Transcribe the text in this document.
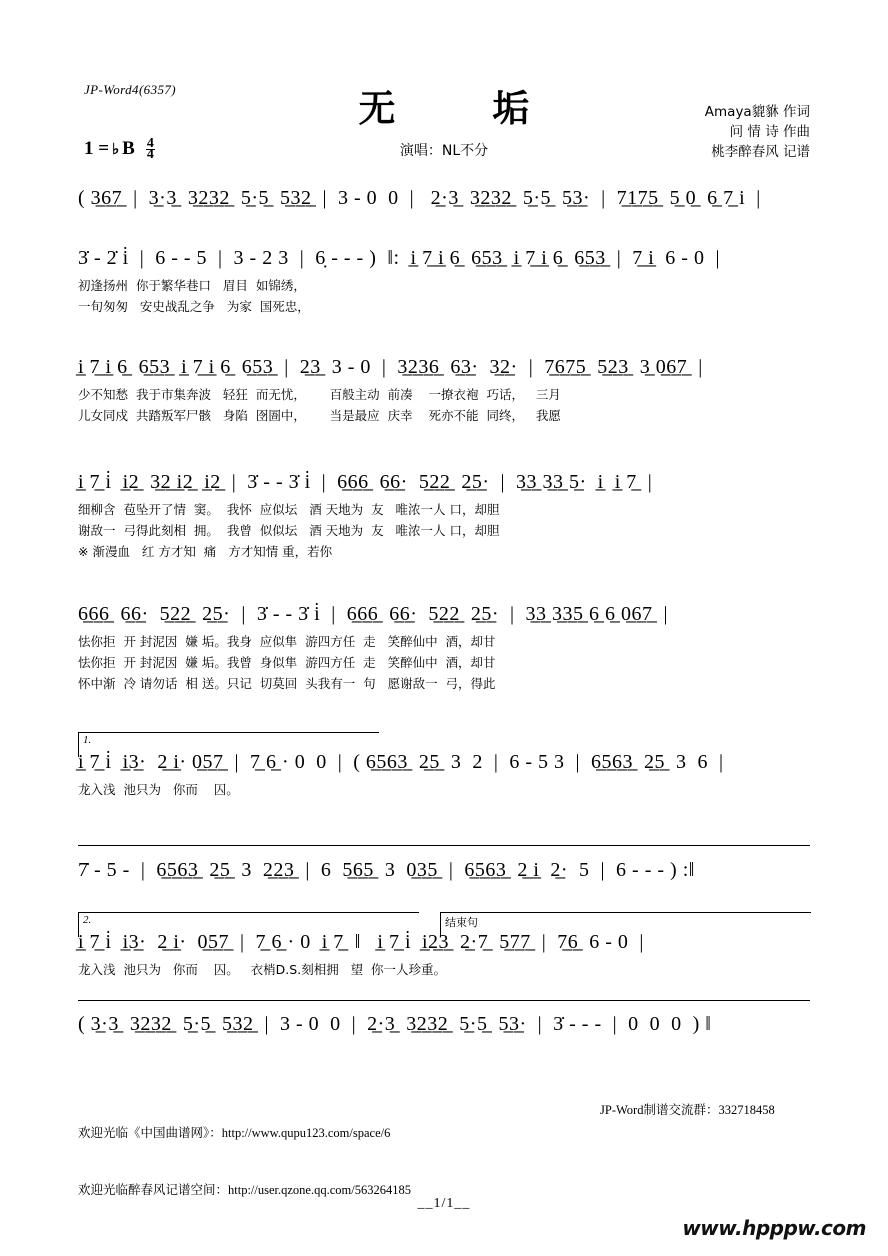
JP-Word4(6357)	无 垢
演唱：NL不分
Amaya貔貅 作词
问 情 诗 作曲
桃李醉春风 记谱
1 = ♭ B 4
4
( 3̲6̲7̲  |  3̲·3̲  3̲2̲3̲2̲  5̲·5̲  5̲3̲2̲  |  3 - 0  0  |   2̲·3̲  3̲2̲3̲2̲  5̲·5̲  5̲3̲·  |  7̲1̲7̲5̲  5̲ 0̲  6̲ 7̲ i  |
3̇ - 2̇ i̇  |  6 - - 5  |  3 - 2 3  |  6̣ - - - )  ‖:  i̲ 7̲ i̲ 6̲  6̲5̲3̲  i̲ 7̲ i̲ 6̲  6̲5̲3̲  |  7̲ i̲  6 - 0  |
初逢扬州  你于繁华巷口   眉目  如锦绣，
一旬匆匆   安史战乱之争   为家  国死忠，
i̲ 7̲ i̲ 6̲  6̲5̲3̲  i̲ 7̲ i̲ 6̲  6̲5̲3̲  |  2̲3̲  3 - 0  |  3̲2̲3̲6̲  6̲3̲·  3̲2̲·  |  7̲6̲7̲5̲  5̲2̲3̲  3̲ 0̲6̲7̲  |
少不知愁  我于市集奔波   轻狂  而无忧，      百般主动  前凑    一撩衣袍  巧话，   三月
儿女同戍  共踏叛军尸骸   身陷  囹圄中，      当是最应  庆幸    死亦不能  同终，   我愿
i̲ 7̲ i̇  i̲2̲  3̲2̲ i̲2̲  i̲2̲  |  3̇ - - 3̇ i̇  |  6̲6̲6̲  6̲6̲·  5̲2̲2̲  2̲5̲·  |  3̲3̲ 3̲3̲ 5̲·  i̲  i̲ 7̲  |
细柳含  苞坠开了情  窦。  我怀  应似坛   酒 天地为  友   唯浓一人 口，却胆
谢敌一  弓得此刻相  拥。  我曾  似似坛   酒 天地为  友   唯浓一人 口，却胆
※ 渐漫血   红 方才知  痛   方才知情 重，若你
6̲6̲6̲  6̲6̲·  5̲2̲2̲  2̲5̲·  |  3̇ - - 3̇ i̇  |  6̲6̲6̲  6̲6̲·  5̲2̲2̲  2̲5̲·  |  3̲3̲ 3̲3̲5̲ 6̲ 6̲ 0̲6̲7̲  |
怯你拒  开 封泥因  嫌 垢。我身  应似隼  游四方任  走   笑醉仙中  酒，却甘
怯你拒  开 封泥因  嫌 垢。我曾  身似隼  游四方任  走   笑醉仙中  酒，却甘
怀中渐  冷 请勿话  相 送。只记  切莫回  头我有一  句   愿谢敌一  弓，得此
1.
i̲ 7̲ i̇  i̲3̲·  2̲ i̲· 0̲5̲7̲  |  7̲ 6̲ · 0  0  |  ( 6̲5̲6̲3̲  2̲5̲  3  2  |  6 - 5 3  |  6̲5̲6̲3̲  2̲5̲  3  6  |
龙入浅  池只为   你而    囚。
7̇ - 5 -  |  6̲5̲6̲3̲  2̲5̲  3  2̲2̲3̲  |  6  5̲6̲5̲  3  0̲3̲5̲  |  6̲5̲6̲3̲  2̲ i̲  2̲·  5  |  6 - - - ) :‖
2.	结束句
i̲ 7̲ i̇  i̲3̲·  2̲ i̲·  0̲5̲7̲  |  7̲ 6̲ · 0  i̲ 7̲  ‖   i̲ 7̲ i̇  i̲2̲3̲  2̲·7̲  5̲7̲7̲  |  7̲6̲  6 - 0  |
龙入浅  池只为   你而    囚。   衣梢D.S.刻相拥   望  你一人珍重。
( 3̲·3̲  3̲2̲3̲2̲  5̲·5̲  5̲3̲2̲  |  3 - 0  0  |  2̲·3̲  3̲2̲3̲2̲  5̲·5̲  5̲3̲·  |  3̇ - - -  |  0  0  0  ) ‖

欢迎光临《中国曲谱网》：http://www.qupu123.com/space/6

欢迎光临醉春风记谱空间：http://user.qzone.qq.com/563264185

JP-Word制谱交流群：332718458
__1/1__
www.hpppw.com
